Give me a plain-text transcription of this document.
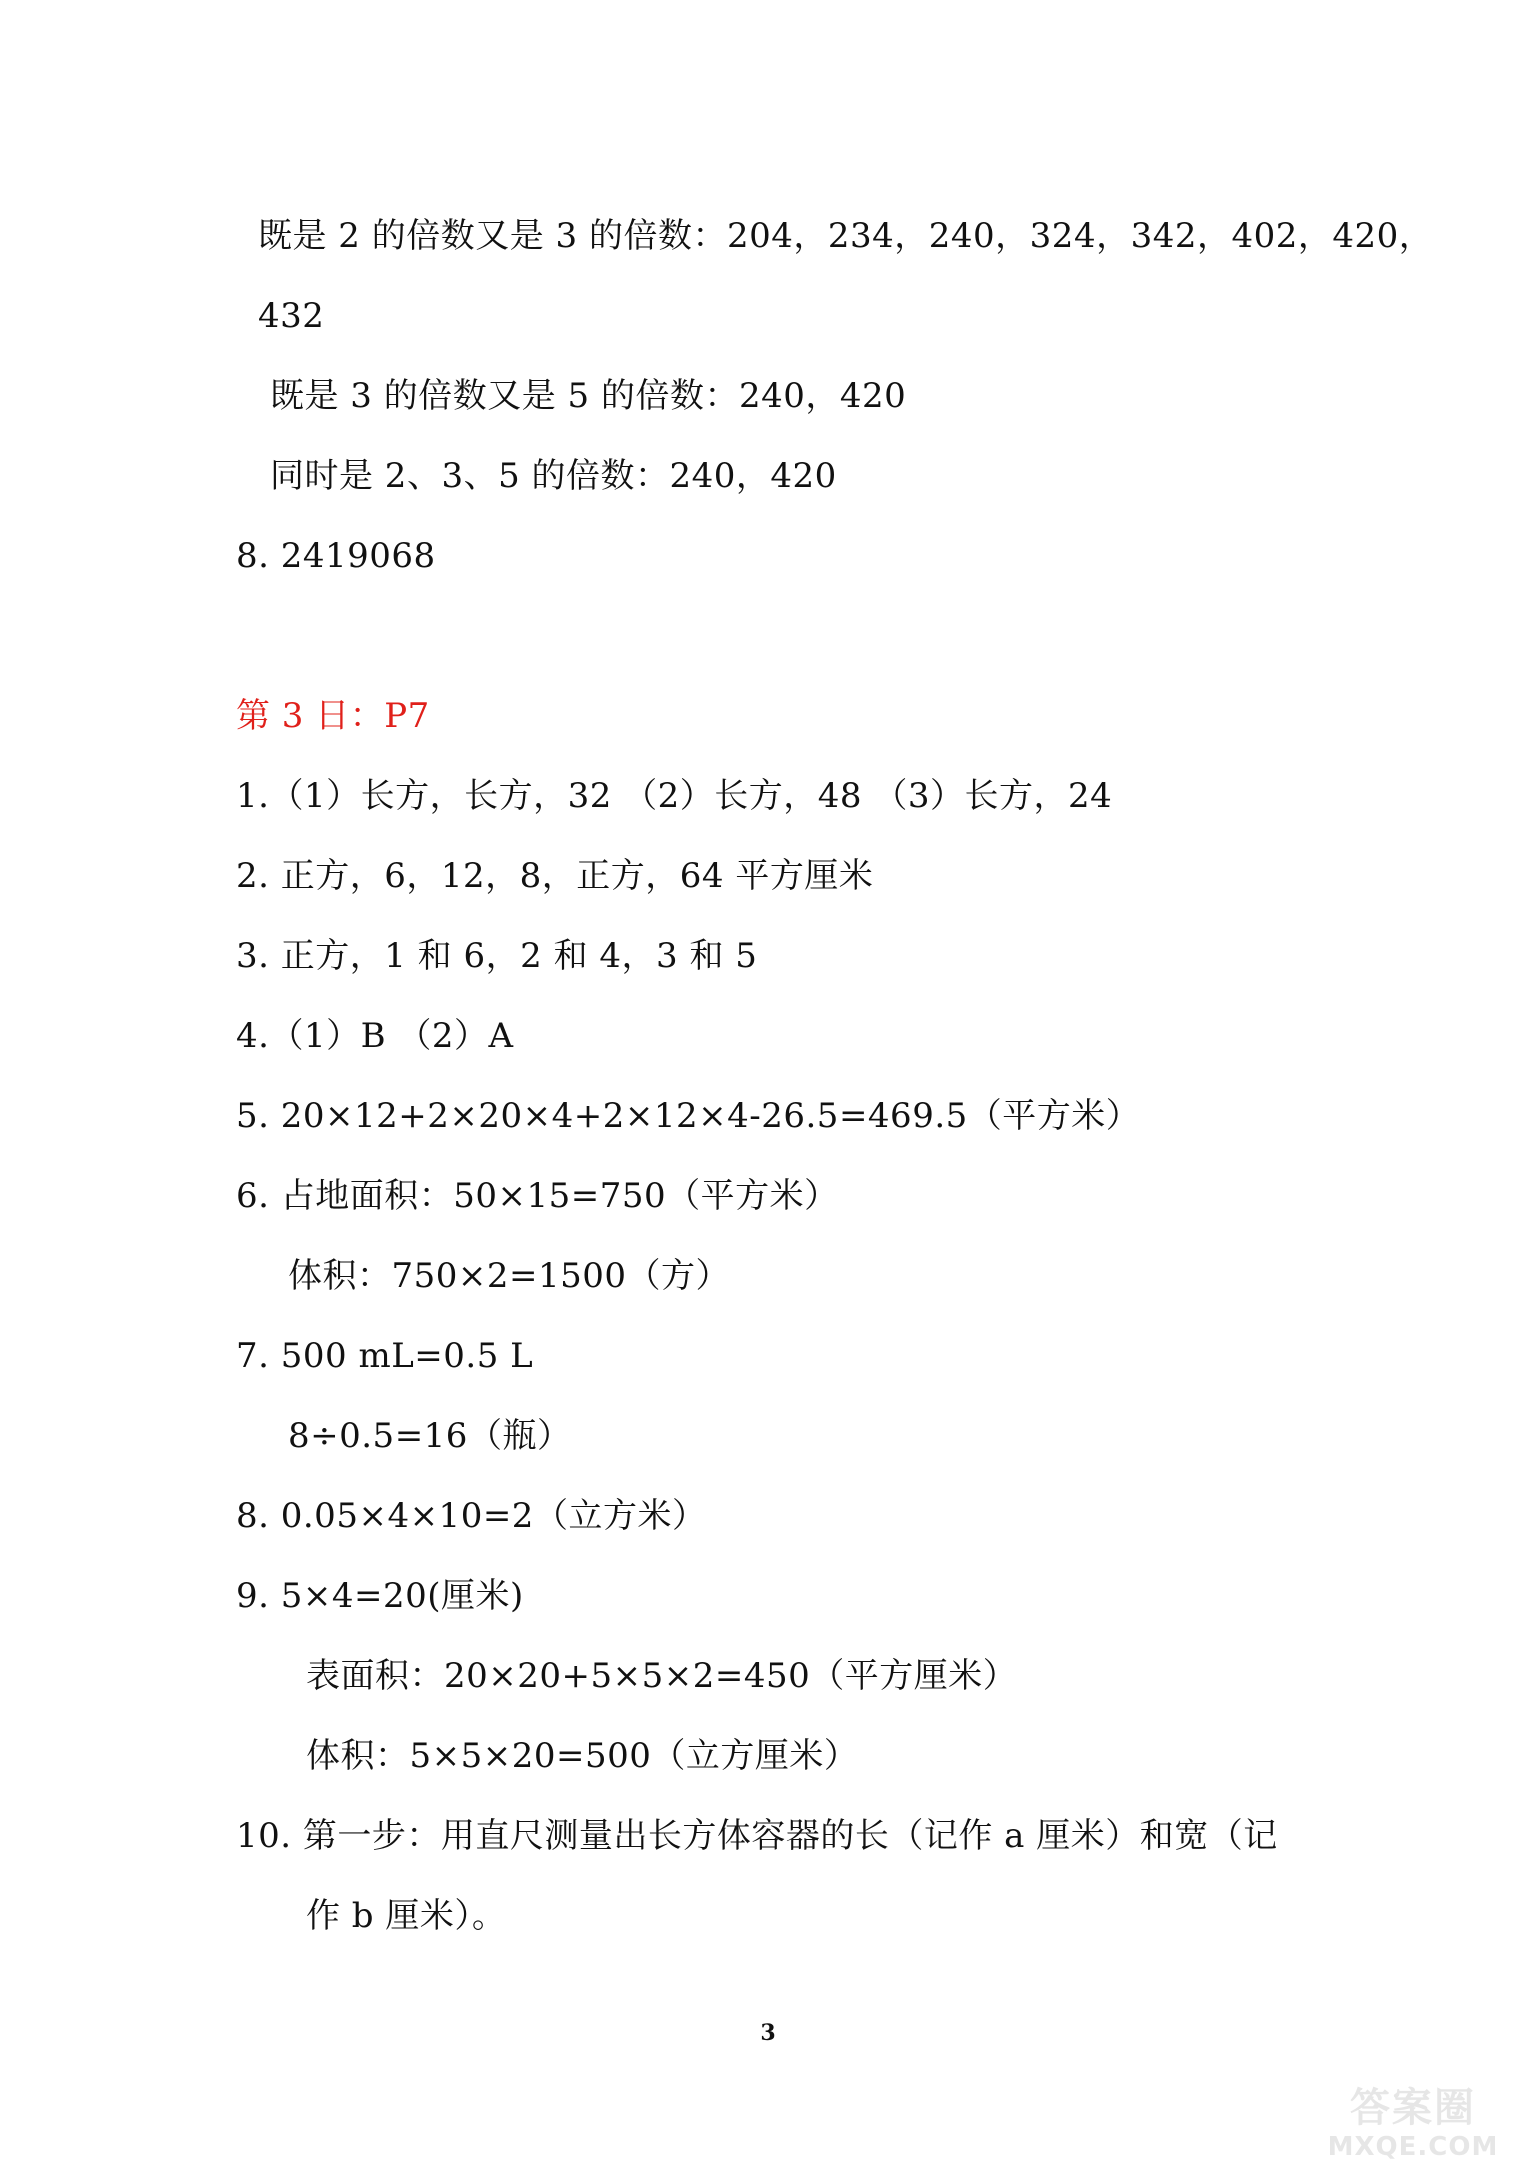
既是 2 的倍数又是 3 的倍数：204，234，240，324，342，402，420，
432
既是 3 的倍数又是 5 的倍数：240，420
同时是 2、3、5 的倍数：240，420
8. 2419068
第 3 日：P7
1.（1）长方，长方，32 （2）长方，48 （3）长方，24
2. 正方，6，12，8，正方，64 平方厘米
3. 正方，1 和 6，2 和 4，3 和 5
4.（1）B （2）A
5. 20×12+2×20×4+2×12×4-26.5=469.5（平方米）
6. 占地面积：50×15=750（平方米）
体积：750×2=1500（方）
7. 500 mL=0.5 L
8÷0.5=16（瓶）
8. 0.05×4×10=2（立方米）
9. 5×4=20(厘米)
表面积：20×20+5×5×2=450（平方厘米）
体积：5×5×20=500（立方厘米）
10. 第一步：用直尺测量出长方体容器的长（记作 a 厘米）和宽（记
作 b 厘米）。
3
答案圈
MXQE.COM
